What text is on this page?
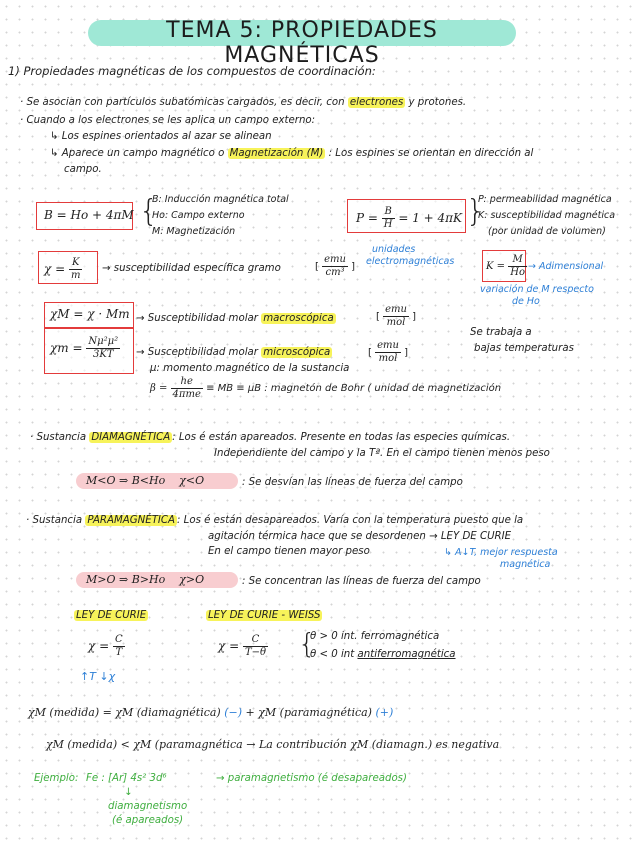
TEMA 5: PROPIEDADES MAGNÉTICAS
1) Propiedades magnéticas de los compuestos de coordinación:
· Se asocian con partículos subatómicas cargados, es decir, con electrones y protones.
· Cuando a los electrones se les aplica un campo externo:
↳ Los espines orientados al azar se alinean
↳ Aparece un campo magnético o Magnetización (M) : Los espines se orientan en dirección al
campo.
B = Ho + 4πM {
B: Inducción magnética total
Ho: Campo externo
M: Magnetización
$P = \frac{B}{H} = 1 + 4\pi K$ }
P: permeabilidad magnética
K: susceptibilidad magnética
(por unidad de volumen)
$\chi = \frac{K}{m}$ → susceptibilidad específica gramo	[ $\frac{\text{emu}}{\text{cm³}}$ ]
unidades
electromagnéticas	$K = \frac{M}{Ho}$ → Adimensional
variación de M respecto
de Ho
χM = χ · Mm → Susceptibilidad molar macroscópica	[ $\frac{\text{emu}}{\text{mol}}$ ]
$\chi m = \frac{\text{Nμ²μ²}}{3KT}$ → Susceptibilidad molar microscópica	[ $\frac{\text{emu}}{\text{mol}}$ ]
Se trabaja a
bajas temperaturas
μ: momento magnético de la sustancia
$\beta = \frac{he}{\text{4πme}}$ ≡ MB ≡ μB : magnetón de Bohr ( unidad de magnetización
· Sustancia DIAMAGNÉTICA : Los é están apareados. Presente en todas las especies químicas.
Independiente del campo y la Tª. En el campo tienen menos peso
M<O ⇒ B<Ho    χ<O	: Se desvían las líneas de fuerza del campo
· Sustancia PARAMAGNÉTICA : Los é están desapareados. Varía con la temperatura puesto que la
agitación térmica hace que se desordenen → LEY DE CURIE
En el campo tienen mayor peso	↳ A↓T, mejor respuesta
magnética
M>O ⇒ B>Ho    χ>O	: Se concentran las líneas de fuerza del campo
LEY DE CURIE	LEY DE CURIE - WEISS
$\chi = \frac{C}{T}$	$\chi = \frac{C}{T-\theta}$ {
θ > 0 int. ferromagnética
θ < 0 int antiferromagnética
↑T ↓χ
χM (medida) = χM (diamagnética) (−) + χM (paramagnética) (+)
χM (medida) < χM (paramagnética → La contribución χM (diamagn.) es negativa
Ejemplo: Fe : [Ar] 4s² 3d⁶	→ paramagnetismo (é desapareados)
↓
diamagnetismo
(é apareados)
